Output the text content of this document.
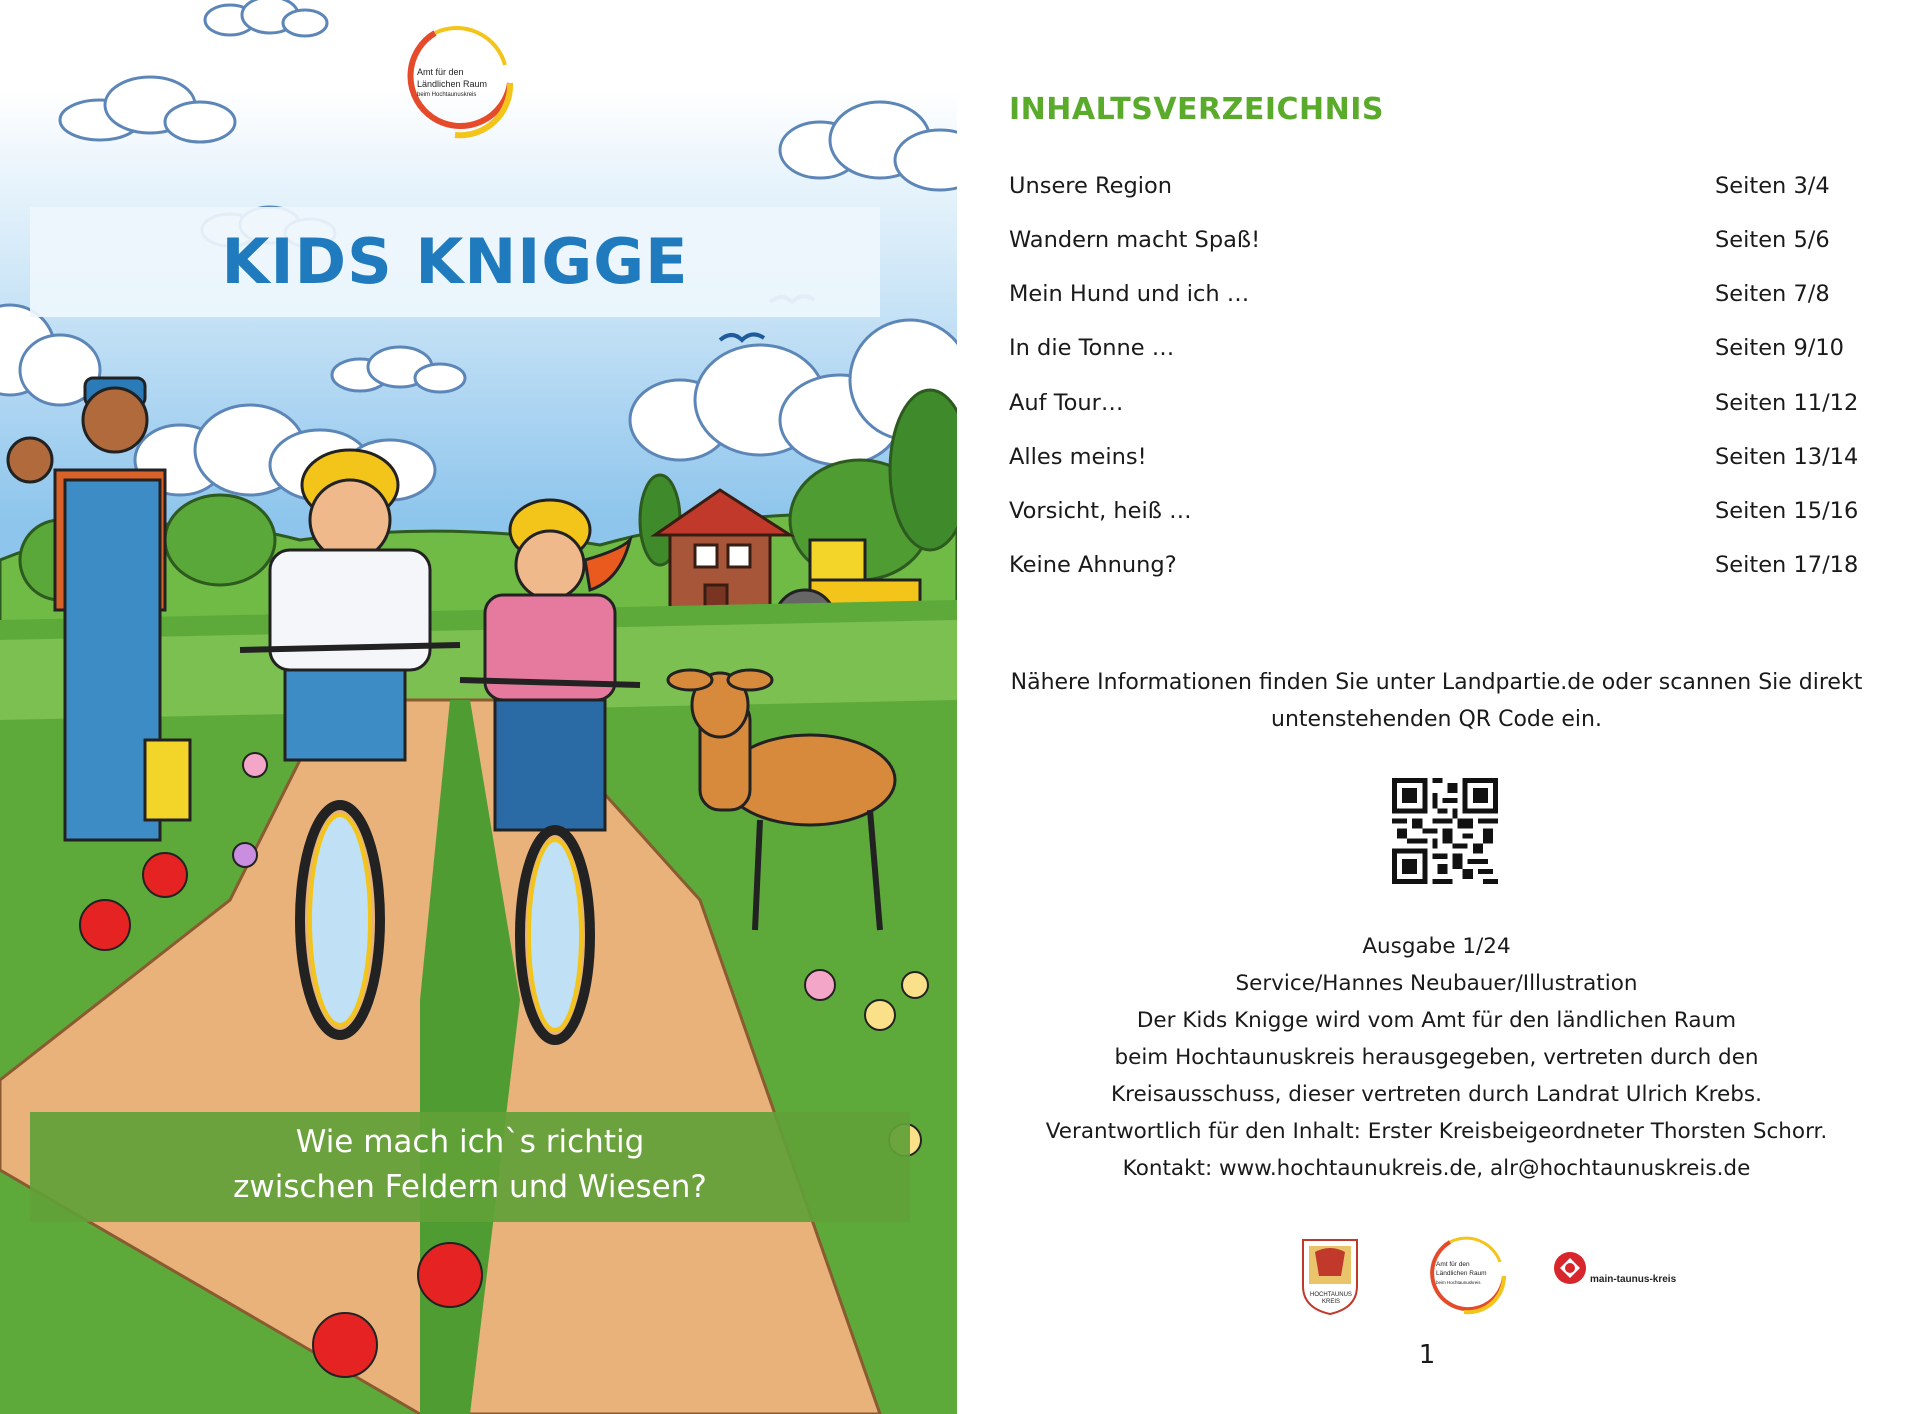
Amt für den
Ländlichen Raum
beim Hochtaunuskreis
KIDS KNIGGE
Wie mach ich`s richtig
zwischen Feldern und Wiesen?
INHALTSVERZEICHNIS
Unsere Region	Seiten 3/4
Wandern macht Spaß!	Seiten 5/6
Mein Hund und ich …	Seiten 7/8
In die Tonne …	Seiten 9/10
Auf Tour…	Seiten 11/12
Alles meins!	Seiten 13/14
Vorsicht, heiß …	Seiten 15/16
Keine Ahnung?	Seiten 17/18
Nähere Informationen finden Sie unter Landpartie.de oder scannen Sie direkt
untenstehenden QR Code ein.
Ausgabe 1/24
Service/Hannes Neubauer/Illustration
Der Kids Knigge wird vom Amt für den ländlichen Raum
beim Hochtaunuskreis herausgegeben, vertreten durch den
Kreisausschuss, dieser vertreten durch Landrat Ulrich Krebs.
Verantwortlich für den Inhalt: Erster Kreisbeigeordneter Thorsten Schorr.
Kontakt: www.hochtaunukreis.de, alr@hochtaunuskreis.de
HOCHTAUNUS KREIS
Amt für den
Ländlichen Raum
beim Hochtaunuskreis	main-taunus-kreis
1
